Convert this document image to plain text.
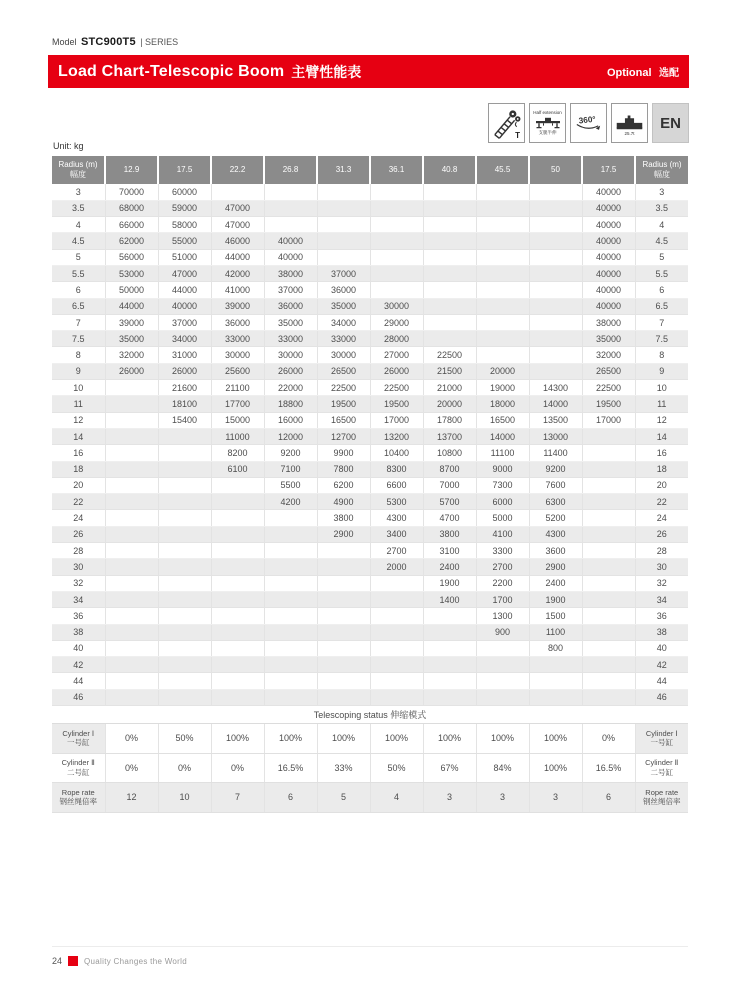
Model STC900T5 | SERIES
Load Chart-Telescopic Boom 主臂性能表	Optional 选配
T
Half extension
支腿半伸
360°
25.7t
EN
Unit: kg
Radius (m)
幅度	12.9	17.5	22.2	26.8	31.3	36.1	40.8	45.5	50	17.5	Radius (m)
幅度
3	70000	60000								40000	3
3.5	68000	59000	47000							40000	3.5
4	66000	58000	47000							40000	4
4.5	62000	55000	46000	40000						40000	4.5
5	56000	51000	44000	40000						40000	5
5.5	53000	47000	42000	38000	37000					40000	5.5
6	50000	44000	41000	37000	36000					40000	6
6.5	44000	40000	39000	36000	35000	30000				40000	6.5
7	39000	37000	36000	35000	34000	29000				38000	7
7.5	35000	34000	33000	33000	33000	28000				35000	7.5
8	32000	31000	30000	30000	30000	27000	22500			32000	8
9	26000	26000	25600	26000	26500	26000	21500	20000		26500	9
10		21600	21100	22000	22500	22500	21000	19000	14300	22500	10
11		18100	17700	18800	19500	19500	20000	18000	14000	19500	11
12		15400	15000	16000	16500	17000	17800	16500	13500	17000	12
14			11000	12000	12700	13200	13700	14000	13000		14
16			8200	9200	9900	10400	10800	11100	11400		16
18			6100	7100	7800	8300	8700	9000	9200		18
20				5500	6200	6600	7000	7300	7600		20
22				4200	4900	5300	5700	6000	6300		22
24					3800	4300	4700	5000	5200		24
26					2900	3400	3800	4100	4300		26
28						2700	3100	3300	3600		28
30						2000	2400	2700	2900		30
32							1900	2200	2400		32
34							1400	1700	1900		34
36								1300	1500		36
38								900	1100		38
40									800		40
42											42
44											44
46											46
Telescoping status 伸缩模式											

Cylinder Ⅰ
一号缸	0%	50%	100%	100%	100%	100%	100%	100%	100%	0%	Cylinder Ⅰ
一号缸

Cylinder Ⅱ
二号缸	0%	0%	0%	16.5%	33%	50%	67%	84%	100%	16.5%	Cylinder Ⅱ
二号缸

Rope rate
钢丝绳倍率	12	10	7	6	5	4	3	3	3	6	Rope rate
钢丝绳倍率
24	Quality Changes the World
